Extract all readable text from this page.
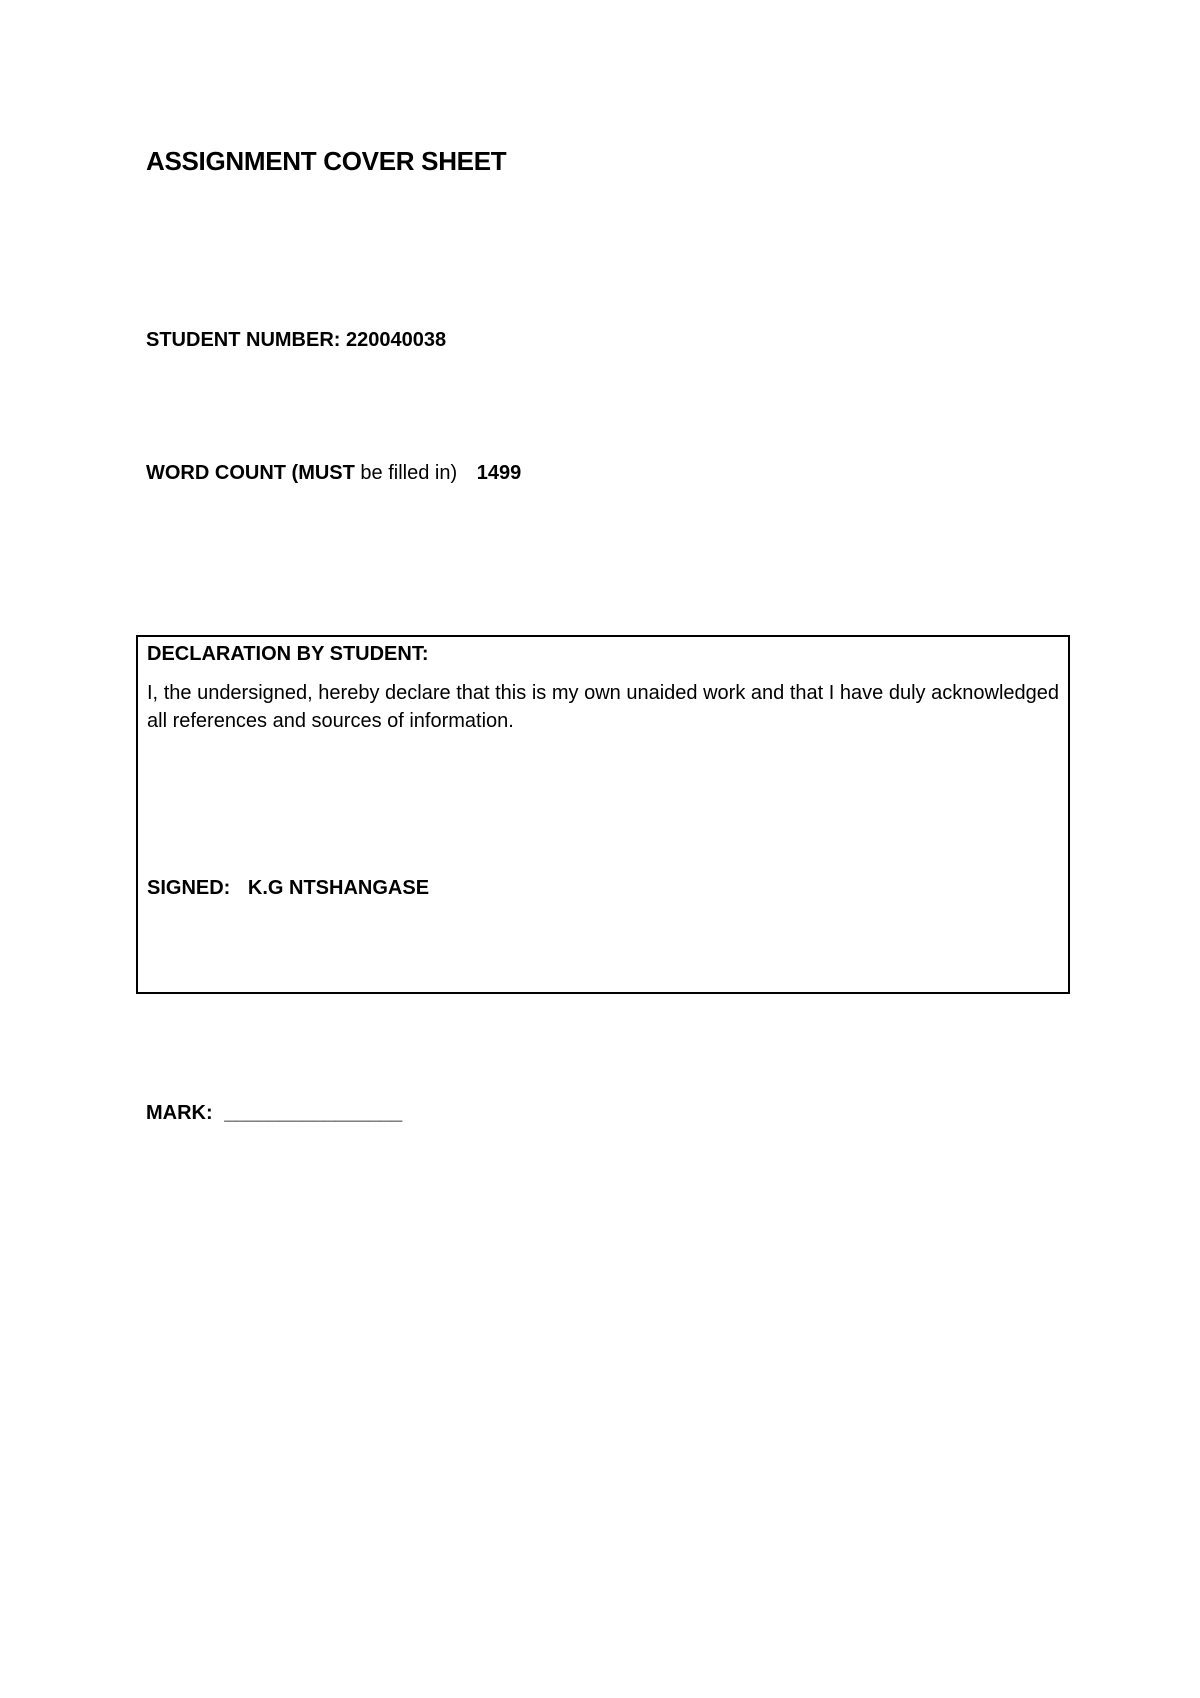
ASSIGNMENT COVER SHEET
STUDENT NUMBER: 220040038
WORD COUNT (MUST be filled in) 1499
DECLARATION BY STUDENT:
I, the undersigned, hereby declare that this is my own unaided work and that I have duly acknowledged all references and sources of information.
SIGNED: K.G NTSHANGASE
MARK: ________________
